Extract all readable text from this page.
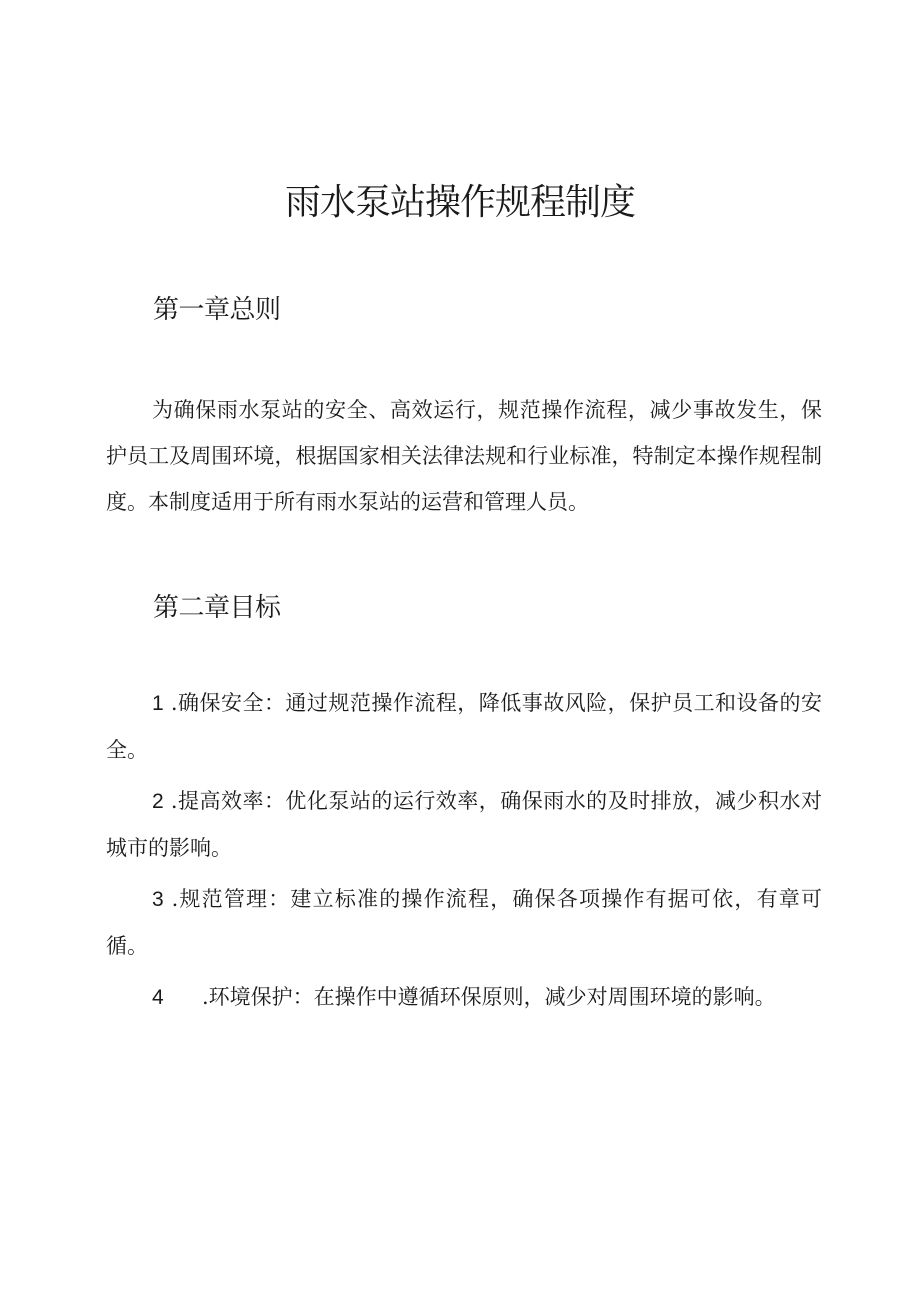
雨水泵站操作规程制度
第一章总则

为确保雨水泵站的安全、高效运行，规范操作流程，减少事故发生，保护员工及周围环境，根据国家相关法律法规和行业标准，特制定本操作规程制度。本制度适用于所有雨水泵站的运营和管理人员。

第二章目标

1 .确保安全：通过规范操作流程，降低事故风险，保护员工和设备的安全。

2 .提高效率：优化泵站的运行效率，确保雨水的及时排放，减少积水对城市的影响。

3 .规范管理：建立标准的操作流程，确保各项操作有据可依，有章可循。

4 .环境保护：在操作中遵循环保原则，减少对周围环境的影响。
